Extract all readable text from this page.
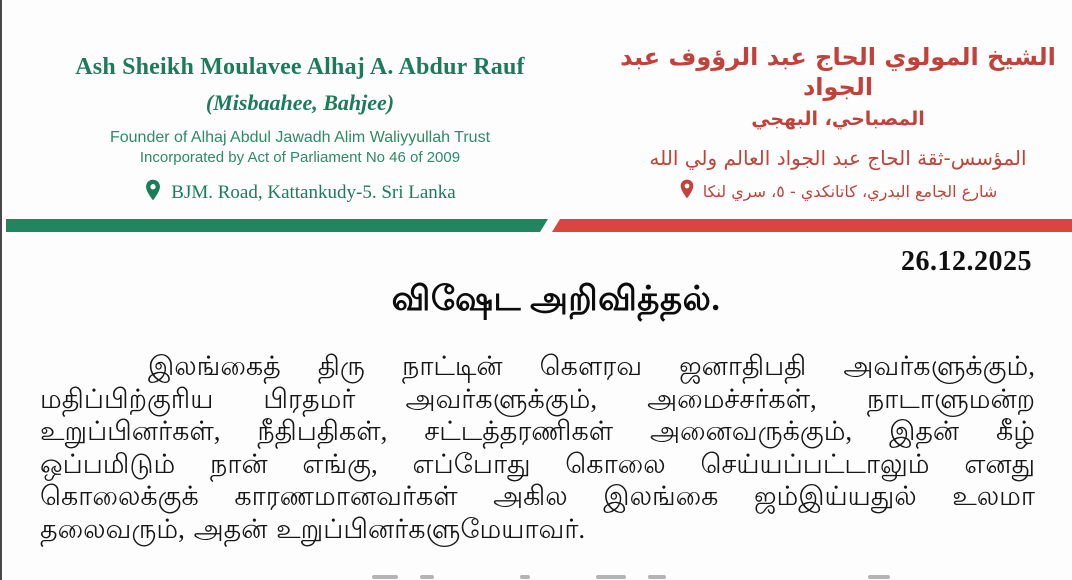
Ash Sheikh Moulavee Alhaj A. Abdur Rauf
(Misbaahee, Bahjee)
Founder of Alhaj Abdul Jawadh Alim Waliyyullah Trust
Incorporated by Act of Parliament No 46 of 2009
BJM. Road, Kattankudy-5. Sri Lanka
الشيخ المولوي الحاج عبد الرؤوف عبد الجواد
المصباحي، البهجي
المؤسس-ثقة الحاج عبد الجواد العالم ولي الله
شارع الجامع البدري، كاتانكدي - ٥، سري لنكا
26.12.2025
விஷேட அறிவித்தல்.
இலங்கைத் திரு நாட்டின் கௌரவ ஜனாதிபதி அவர்களுக்கும்,
மதிப்பிற்குரிய பிரதமர் அவர்களுக்கும், அமைச்சர்கள், நாடாளுமன்ற
உறுப்பினர்கள், நீதிபதிகள், சட்டத்தரணிகள் அனைவருக்கும், இதன் கீழ்
ஒப்பமிடும் நான் எங்கு, எப்போது கொலை செய்யப்பட்டாலும் எனது
கொலைக்குக் காரணமானவர்கள் அகில இலங்கை ஜம்இய்யதுல் உலமா
தலைவரும், அதன் உறுப்பினர்களுமேயாவர்.
